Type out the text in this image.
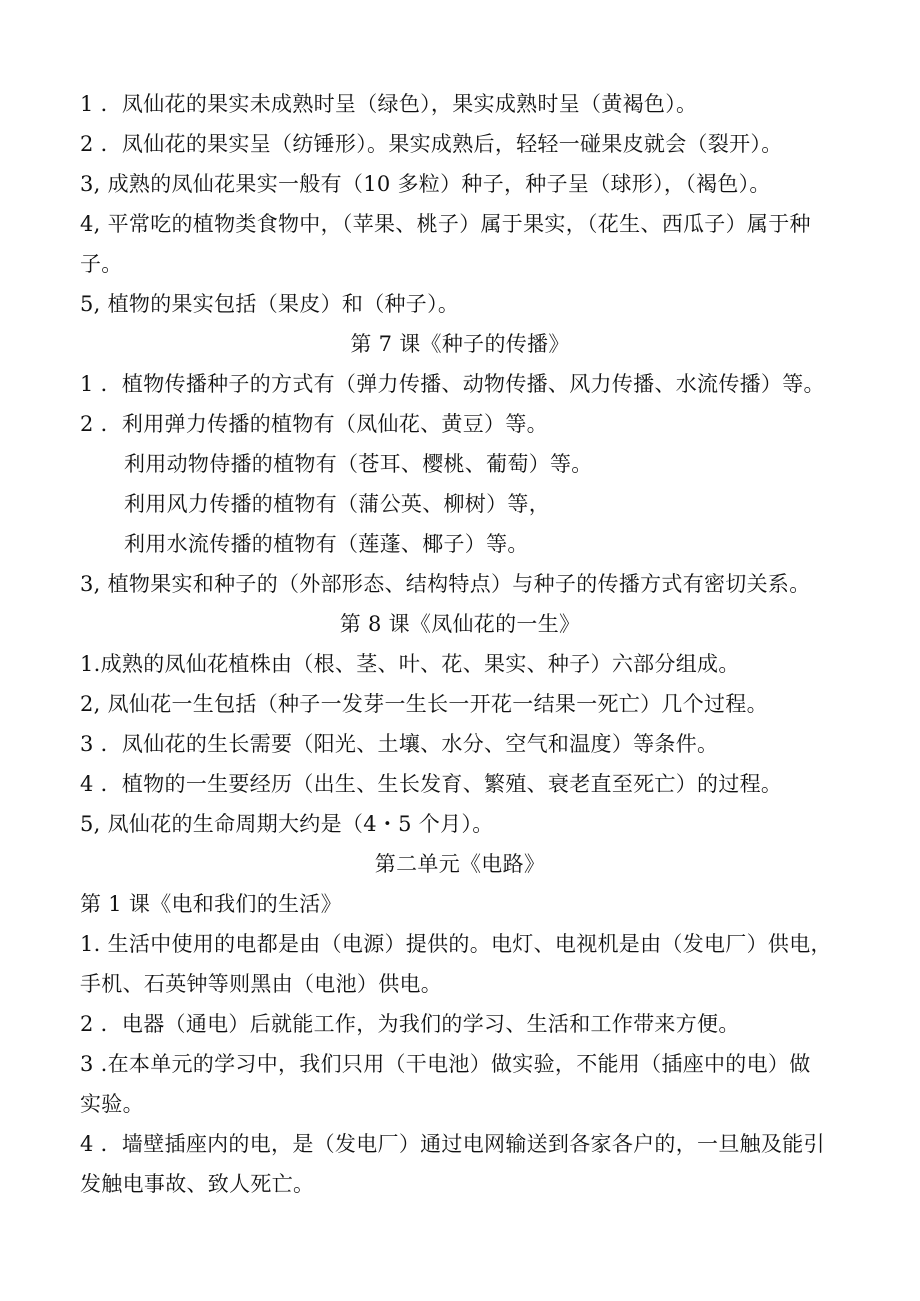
1 ．凤仙花的果实未成熟时呈（绿色），果实成熟时呈（黄褐色）。
2 ．凤仙花的果实呈（纺锤形）。果实成熟后，轻轻一碰果皮就会（裂开）。
3, 成熟的凤仙花果实一般有（10 多粒）种子，种子呈（球形），（褐色）。
4, 平常吃的植物类食物中，（苹果、桃子）属于果实，（花生、西瓜子）属于种
子。
5, 植物的果实包括（果皮）和（种子）。
第 7 课《种子的传播》
1 ．植物传播种子的方式有（弹力传播、动物传播、风力传播、水流传播）等。
2 ．利用弹力传播的植物有（凤仙花、黄豆）等。
利用动物侍播的植物有（苍耳、樱桃、葡萄）等。
利用风力传播的植物有（蒲公英、柳树）等，
利用水流传播的植物有（莲蓬、椰子）等。
3, 植物果实和种子的（外部形态、结构特点）与种子的传播方式有密切关系。
第 8 课《凤仙花的一生》
1.成熟的凤仙花植株由（根、茎、叶、花、果实、种子）六部分组成。
2, 凤仙花一生包括（种子一发芽一生长一开花一结果一死亡）几个过程。
3 ．凤仙花的生长需要（阳光、土壤、水分、空气和温度）等条件。
4 ．植物的一生要经历（出生、生长发育、繁殖、衰老直至死亡）的过程。
5, 凤仙花的生命周期大约是（4・5 个月）。
第二单元《电路》
第 1 课《电和我们的生活》
1. 生活中使用的电都是由（电源）提供的。电灯、电视机是由（发电厂）供电，
手机、石英钟等则黑由（电池）供电。
2 ．电器（通电）后就能工作，为我们的学习、生活和工作带来方便。
3 .在本单元的学习中，我们只用（干电池）做实验，不能用（插座中的电）做
实验。
4 ．墙壁插座内的电，是（发电厂）通过电网输送到各家各户的，一旦触及能引
发触电事故、致人死亡。
